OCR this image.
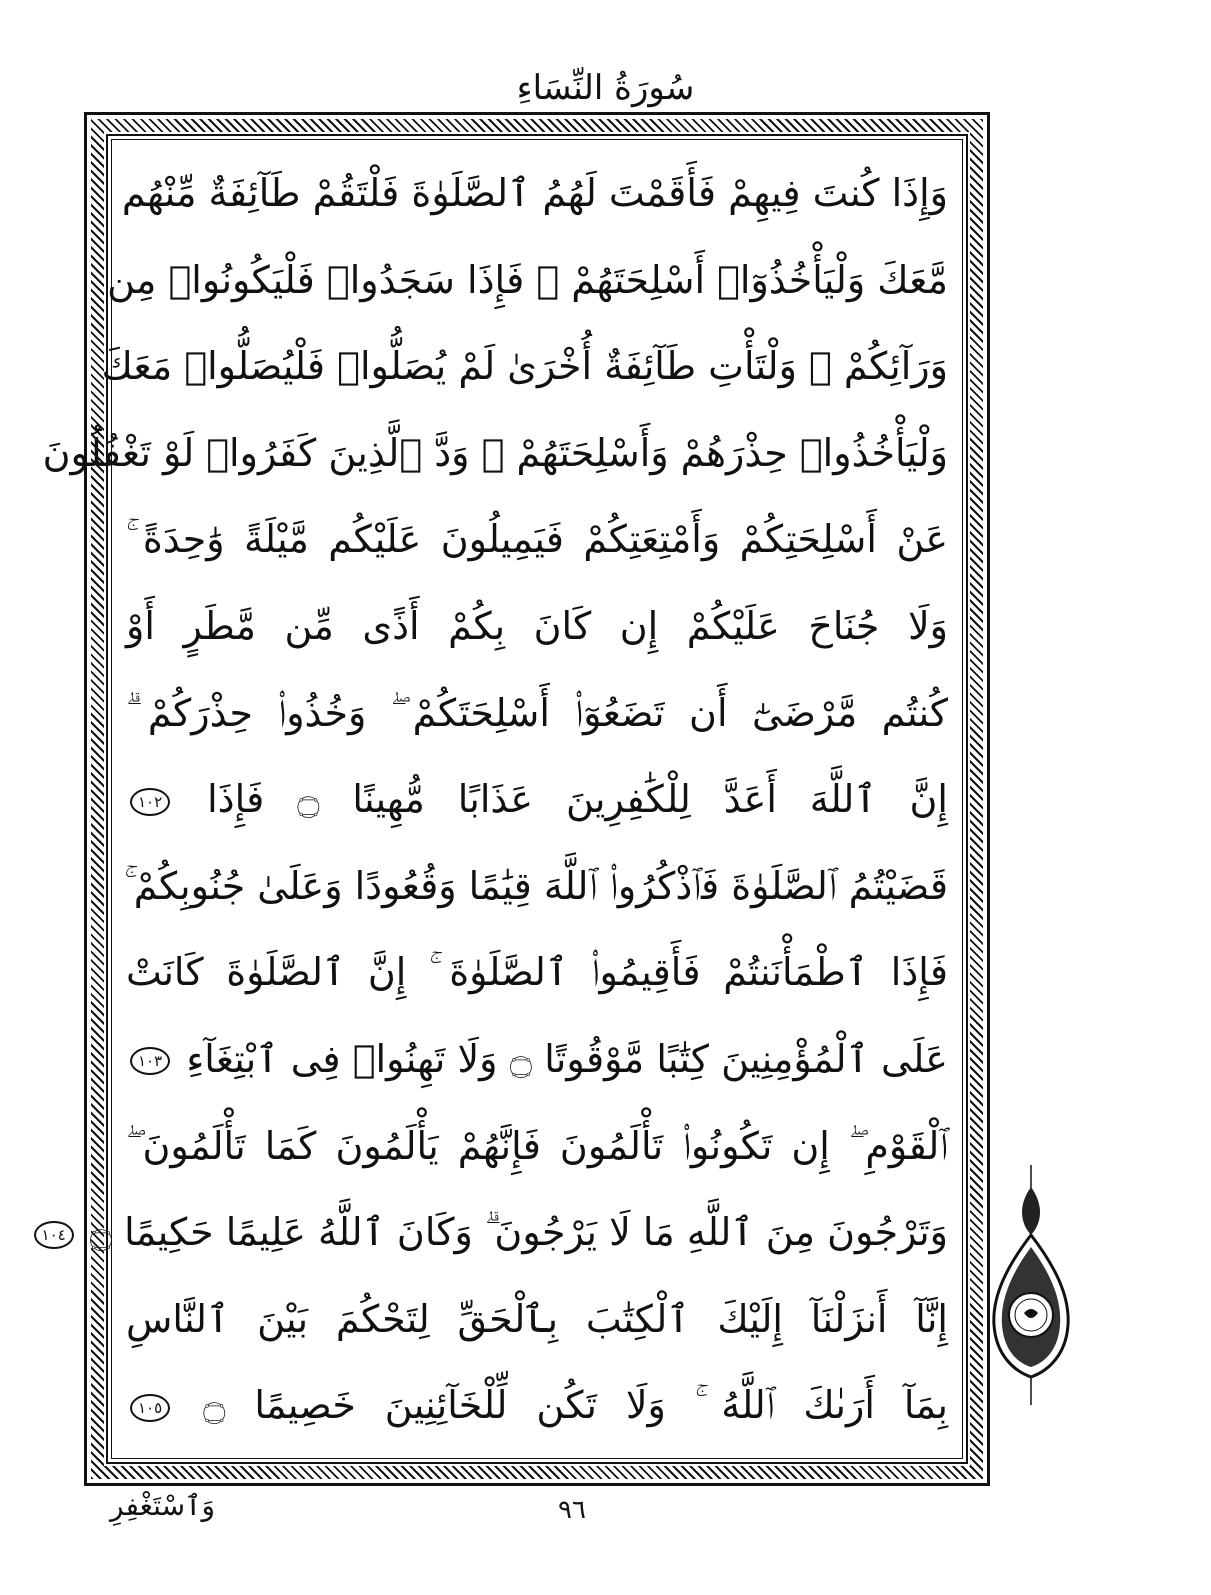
سُورَةُ النِّسَاءِ
وَإِذَا كُنتَ فِيهِمْ فَأَقَمْتَ لَهُمُ ٱلصَّلَوٰةَ فَلْتَقُمْ طَآئِفَةٌ مِّنْهُم
مَّعَكَ وَلْيَأْخُذُوٓا۟ أَسْلِحَتَهُمْ ۖ فَإِذَا سَجَدُوا۟ فَلْيَكُونُوا۟ مِن
وَرَآئِكُمْ ۖ وَلْتَأْتِ طَآئِفَةٌ أُخْرَىٰ لَمْ يُصَلُّوا۟ فَلْيُصَلُّوا۟ مَعَكَ
وَلْيَأْخُذُوا۟ حِذْرَهُمْ وَأَسْلِحَتَهُمْ ۗ وَدَّ ٱلَّذِينَ كَفَرُوا۟ لَوْ تَغْفُلُونَ
عَنْ أَسْلِحَتِكُمْ وَأَمْتِعَتِكُمْ فَيَمِيلُونَ عَلَيْكُم مَّيْلَةً وَٰحِدَةً ۚ
وَلَا جُنَاحَ عَلَيْكُمْ إِن كَانَ بِكُمْ أَذًى مِّن مَّطَرٍ أَوْ
كُنتُم مَّرْضَىٰٓ أَن تَضَعُوٓا۟ أَسْلِحَتَكُمْ ۖ وَخُذُوا۟ حِذْرَكُمْ ۗ
إِنَّ ٱللَّهَ أَعَدَّ لِلْكَٰفِرِينَ عَذَابًا مُّهِينًا ۝ فَإِذَا ١٠٢
قَضَيْتُمُ ٱلصَّلَوٰةَ فَٱذْكُرُوا۟ ٱللَّهَ قِيَٰمًا وَقُعُودًا وَعَلَىٰ جُنُوبِكُمْ ۚ
فَإِذَا ٱطْمَأْنَنتُمْ فَأَقِيمُوا۟ ٱلصَّلَوٰةَ ۚ إِنَّ ٱلصَّلَوٰةَ كَانَتْ
عَلَى ٱلْمُؤْمِنِينَ كِتَٰبًا مَّوْقُوتًا ۝ وَلَا تَهِنُوا۟ فِى ٱبْتِغَآءِ ١٠٣
ٱلْقَوْمِ ۖ إِن تَكُونُوا۟ تَأْلَمُونَ فَإِنَّهُمْ يَأْلَمُونَ كَمَا تَأْلَمُونَ ۖ
وَتَرْجُونَ مِنَ ٱللَّهِ مَا لَا يَرْجُونَ ۗ وَكَانَ ٱللَّهُ عَلِيمًا حَكِيمًا ۝ ١٠٤
إِنَّآ أَنزَلْنَآ إِلَيْكَ ٱلْكِتَٰبَ بِٱلْحَقِّ لِتَحْكُمَ بَيْنَ ٱلنَّاسِ
بِمَآ أَرَىٰكَ ٱللَّهُ ۚ وَلَا تَكُن لِّلْخَآئِنِينَ خَصِيمًا ۝ ١٠٥
٩٦
وَٱسْتَغْفِرِ
